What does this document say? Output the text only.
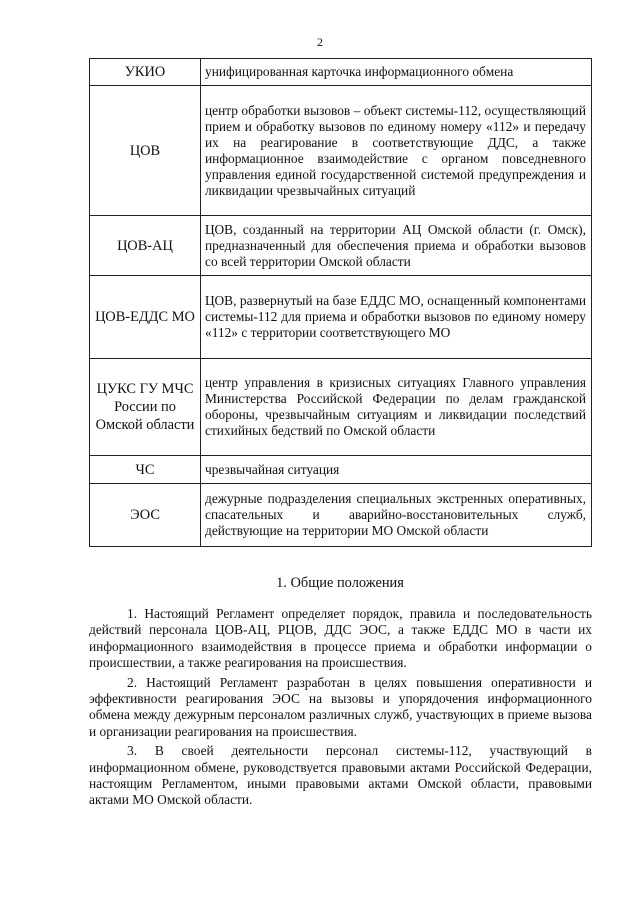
2
УКИО	унифицированная карточка информационного обмена
ЦОВ	центр обработки вызовов – объект системы-112, осуществляющий прием и обработку вызовов по единому номеру «112» и передачу их на реагирование в соответствующие ДДС, а также информационное взаимодействие с органом повседневного управления единой государственной системой предупреждения и ликвидации чрезвычайных ситуаций
ЦОВ-АЦ	ЦОВ, созданный на территории АЦ Омской области (г. Омск), предназначенный для обеспечения приема и обработки вызовов со всей территории Омской области
ЦОВ-ЕДДС МО	ЦОВ, развернутый на базе ЕДДС МО, оснащенный компонентами системы-112 для приема и обработки вызовов по единому номеру «112» с территории соответствующего МО
ЦУКС ГУ МЧС России по Омской области	центр управления в кризисных ситуациях Главного управления Министерства Российской Федерации по делам гражданской обороны, чрезвычайным ситуациям и ликвидации последствий стихийных бедствий по Омской области
ЧС	чрезвычайная ситуация
ЭОС	дежурные подразделения специальных экстренных оперативных, спасательных и аварийно-восстановительных служб, действующие на территории МО Омской области
1. Общие положения

1. Настоящий Регламент определяет порядок, правила и последовательность действий персонала ЦОВ-АЦ, РЦОВ, ДДС ЭОС, а также ЕДДС МО в части их информационного взаимодействия в процессе приема и обработки информации о происшествии, а также реагирования на происшествия.

2. Настоящий Регламент разработан в целях повышения оперативности и эффективности реагирования ЭОС на вызовы и упорядочения информационного обмена между дежурным персоналом различных служб, участвующих в приеме вызова и организации реагирования на происшествия.

3. В своей деятельности персонал системы-112, участвующий в информационном обмене, руководствуется правовыми актами Российской Федерации, настоящим Регламентом, иными правовыми актами Омской области, правовыми актами МО Омской области.
